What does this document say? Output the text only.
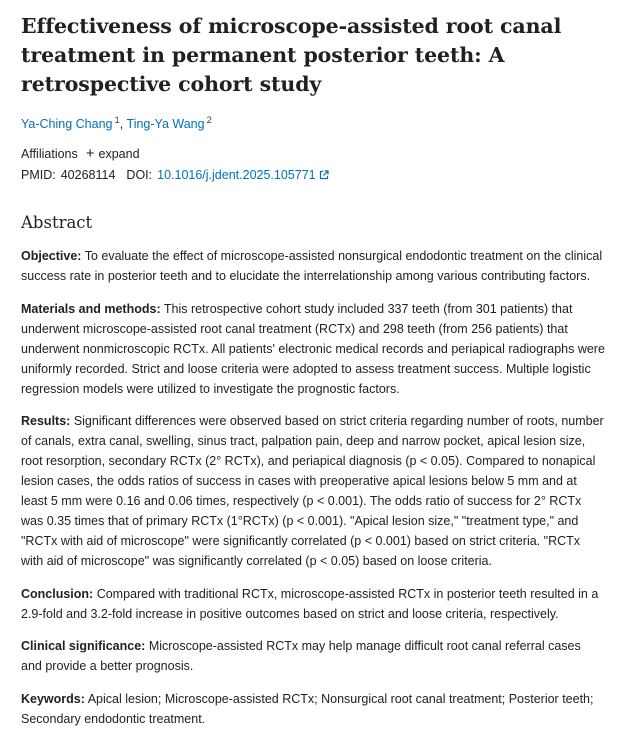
Effectiveness of microscope-assisted root canal treatment in permanent posterior teeth: A retrospective cohort study
Ya-Ching Chang $^1$, Ting-Ya Wang $^2$
Affiliations + expand
PMID: 40268114 DOI: 10.1016/j.jdent.2025.105771
Abstract

Objective: To evaluate the effect of microscope-assisted nonsurgical endodontic treatment on the clinical success rate in posterior teeth and to elucidate the interrelationship among various contributing factors.

Materials and methods: This retrospective cohort study included 337 teeth (from 301 patients) that underwent microscope-assisted root canal treatment (RCTx) and 298 teeth (from 256 patients) that underwent nonmicroscopic RCTx. All patients' electronic medical records and periapical radiographs were uniformly recorded. Strict and loose criteria were adopted to assess treatment success. Multiple logistic regression models were utilized to investigate the prognostic factors.

Results: Significant differences were observed based on strict criteria regarding number of roots, number of canals, extra canal, swelling, sinus tract, palpation pain, deep and narrow pocket, apical lesion size, root resorption, secondary RCTx (2° RCTx), and periapical diagnosis (p < 0.05). Compared to nonapical lesion cases, the odds ratios of success in cases with preoperative apical lesions below 5 mm and at least 5 mm were 0.16 and 0.06 times, respectively (p < 0.001). The odds ratio of success for 2° RCTx was 0.35 times that of primary RCTx (1°RCTx) (p < 0.001). "Apical lesion size," "treatment type," and "RCTx with aid of microscope" were significantly correlated (p < 0.001) based on strict criteria. "RCTx with aid of microscope" was significantly correlated (p < 0.05) based on loose criteria.

Conclusion: Compared with traditional RCTx, microscope-assisted RCTx in posterior teeth resulted in a 2.9-fold and 3.2-fold increase in positive outcomes based on strict and loose criteria, respectively.

Clinical significance: Microscope-assisted RCTx may help manage difficult root canal referral cases and provide a better prognosis.

Keywords: Apical lesion; Microscope-assisted RCTx; Nonsurgical root canal treatment; Posterior teeth; Secondary endodontic treatment.
